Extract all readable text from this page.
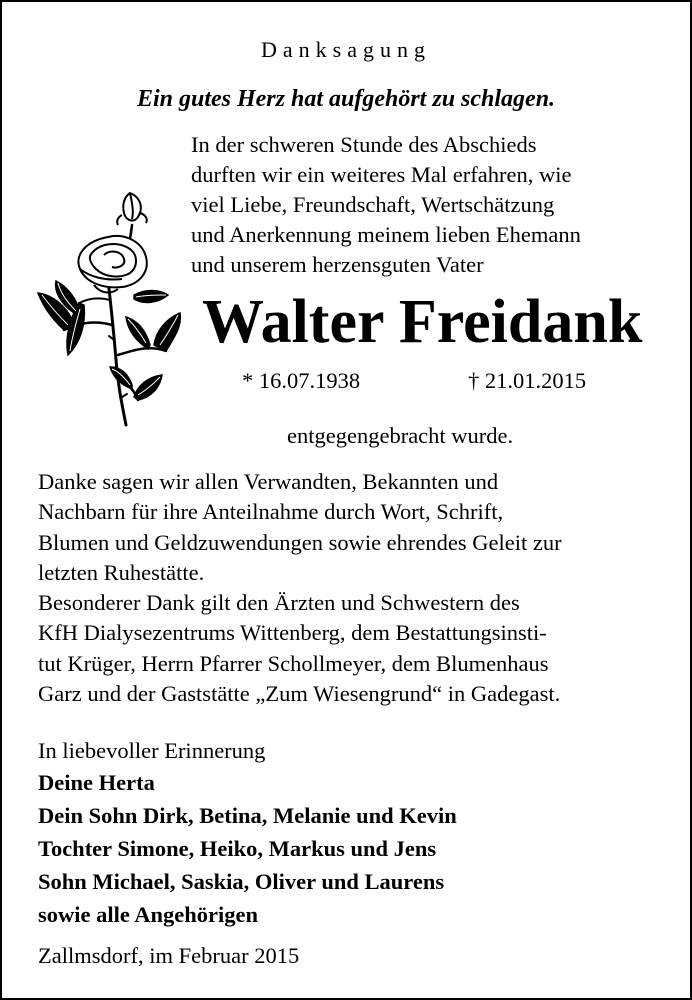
Danksagung
Ein gutes Herz hat aufgehört zu schlagen.
In der schweren Stunde des Abschieds
durften wir ein weiteres Mal erfahren, wie
viel Liebe, Freundschaft, Wertschätzung
und Anerkennung meinem lieben Ehemann
und unserem herzensguten Vater
Walter Freidank
* 16.07.1938	† 21.01.2015
entgegengebracht wurde.
Danke sagen wir allen Verwandten, Bekannten und
Nachbarn für ihre Anteilnahme durch Wort, Schrift,
Blumen und Geldzuwendungen sowie ehrendes Geleit zur
letzten Ruhestätte.
Besonderer Dank gilt den Ärzten und Schwestern des
KfH Dialysezentrums Wittenberg, dem Bestattungsinsti-
tut Krüger, Herrn Pfarrer Schollmeyer, dem Blumenhaus
Garz und der Gaststätte „Zum Wiesengrund“ in Gadegast.
In liebevoller Erinnerung
Deine Herta
Dein Sohn Dirk, Betina, Melanie und Kevin
Tochter Simone, Heiko, Markus und Jens
Sohn Michael, Saskia, Oliver und Laurens
sowie alle Angehörigen
Zallmsdorf, im Februar 2015
